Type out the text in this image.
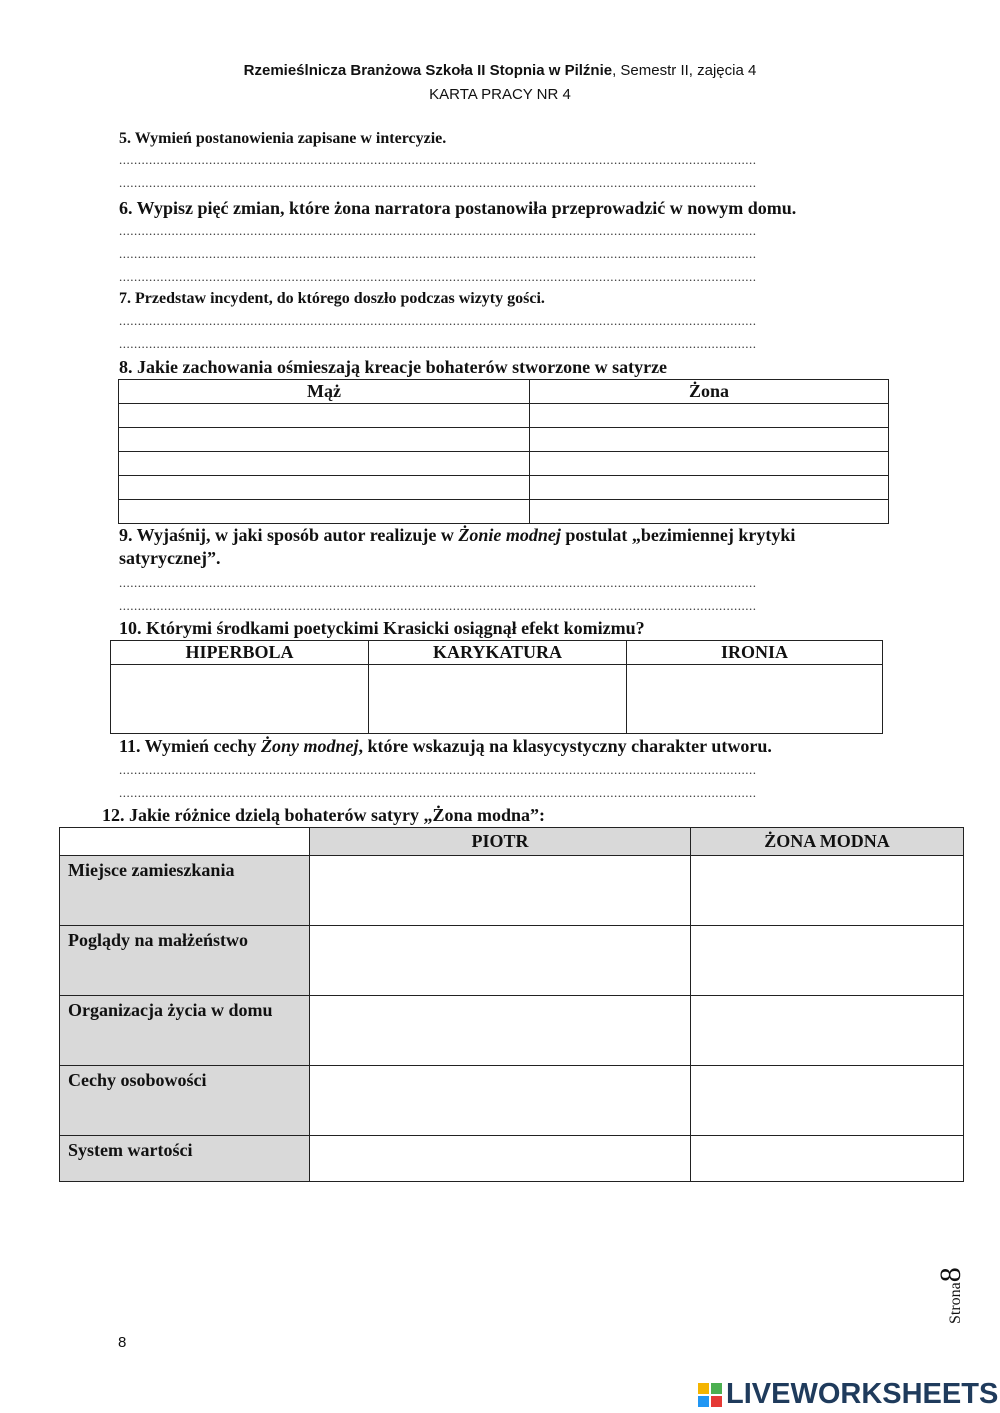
Rzemieślnicza Branżowa Szkoła II Stopnia w Pilźnie, Semestr II, zajęcia 4
KARTA PRACY NR 4
5. Wymień postanowienia zapisane w intercyzie.
..........................................................................................................................................................................
..........................................................................................................................................................................
6. Wypisz pięć zmian, które żona narratora postanowiła przeprowadzić w nowym domu.
..........................................................................................................................................................................
..........................................................................................................................................................................
..........................................................................................................................................................................
7. Przedstaw incydent, do którego doszło podczas wizyty gości.
..........................................................................................................................................................................
..........................................................................................................................................................................
8. Jakie zachowania ośmieszają kreacje bohaterów stworzone w satyrze
Mąż	Żona

9. Wyjaśnij, w jaki sposób autor realizuje w Żonie modnej postulat „bezimiennej krytyki
satyrycznej”.
..........................................................................................................................................................................
..........................................................................................................................................................................
10. Którymi środkami poetyckimi Krasicki osiągnął efekt komizmu?
HIPERBOLA	KARYKATURA	IRONIA

11. Wymień cechy Żony modnej, które wskazują na klasycystyczny charakter utworu.
..........................................................................................................................................................................
..........................................................................................................................................................................
12. Jakie różnice dzielą bohaterów satyry „Żona modna”:
	PIOTR	ŻONA MODNA
Miejsce zamieszkania		
Poglądy na małżeństwo		
Organizacja życia w domu		
Cechy osobowości		
System wartości		
Strona8
8
LIVEWORKSHEETS
